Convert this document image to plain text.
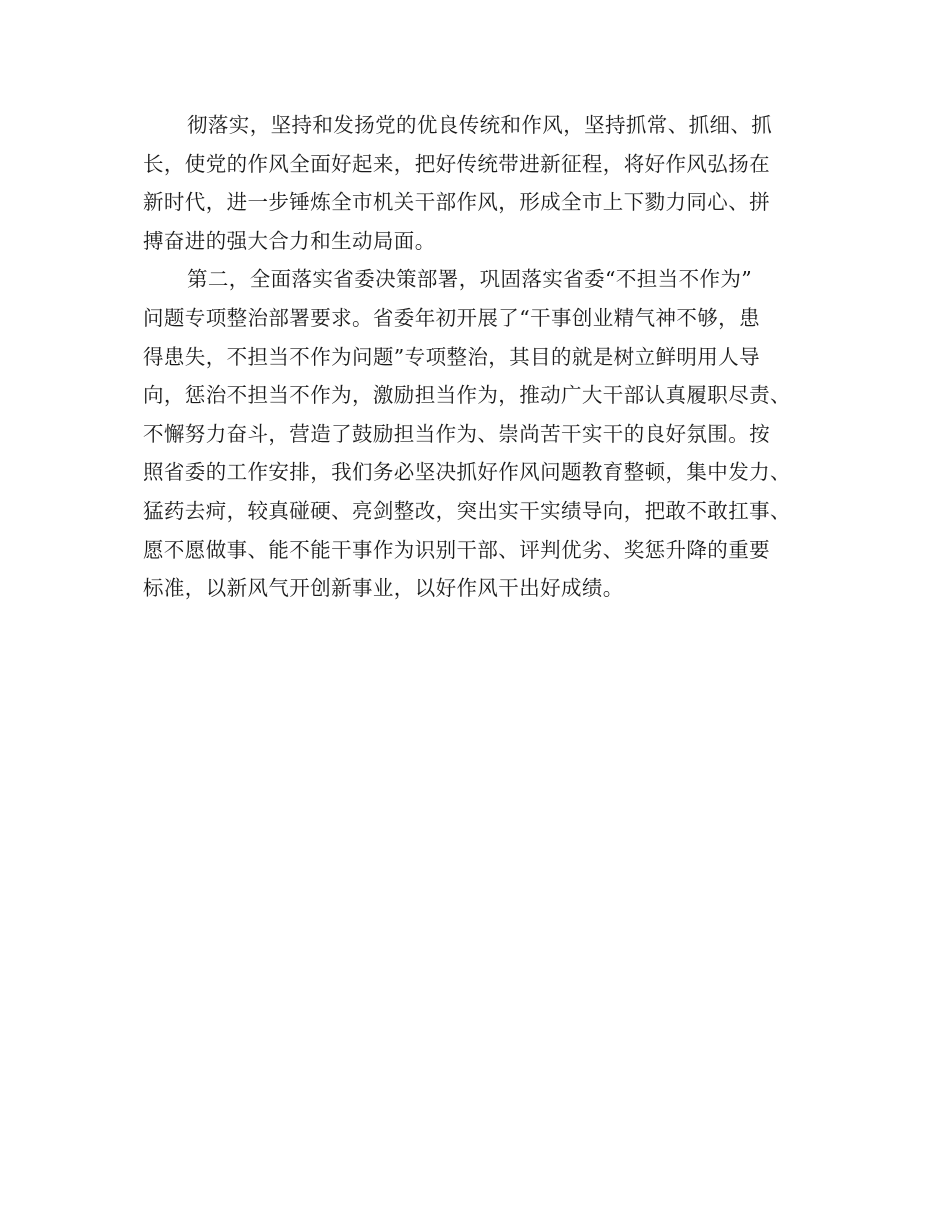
彻落实，坚持和发扬党的优良传统和作风，坚持抓常、抓细、抓
长，使党的作风全面好起来，把好传统带进新征程，将好作风弘扬在
新时代，进一步锤炼全市机关干部作风，形成全市上下勠力同心、拼
搏奋进的强大合力和生动局面。

第二，全面落实省委决策部署，巩固落实省委“不担当不作为”
问题专项整治部署要求。省委年初开展了“干事创业精气神不够，患
得患失，不担当不作为问题”专项整治，其目的就是树立鲜明用人导
向，惩治不担当不作为，激励担当作为，推动广大干部认真履职尽责、
不懈努力奋斗，营造了鼓励担当作为、崇尚苦干实干的良好氛围。按
照省委的工作安排，我们务必坚决抓好作风问题教育整顿，集中发力、
猛药去疴，较真碰硬、亮剑整改，突出实干实绩导向，把敢不敢扛事、
愿不愿做事、能不能干事作为识别干部、评判优劣、奖惩升降的重要
标准，以新风气开创新事业，以好作风干出好成绩。
